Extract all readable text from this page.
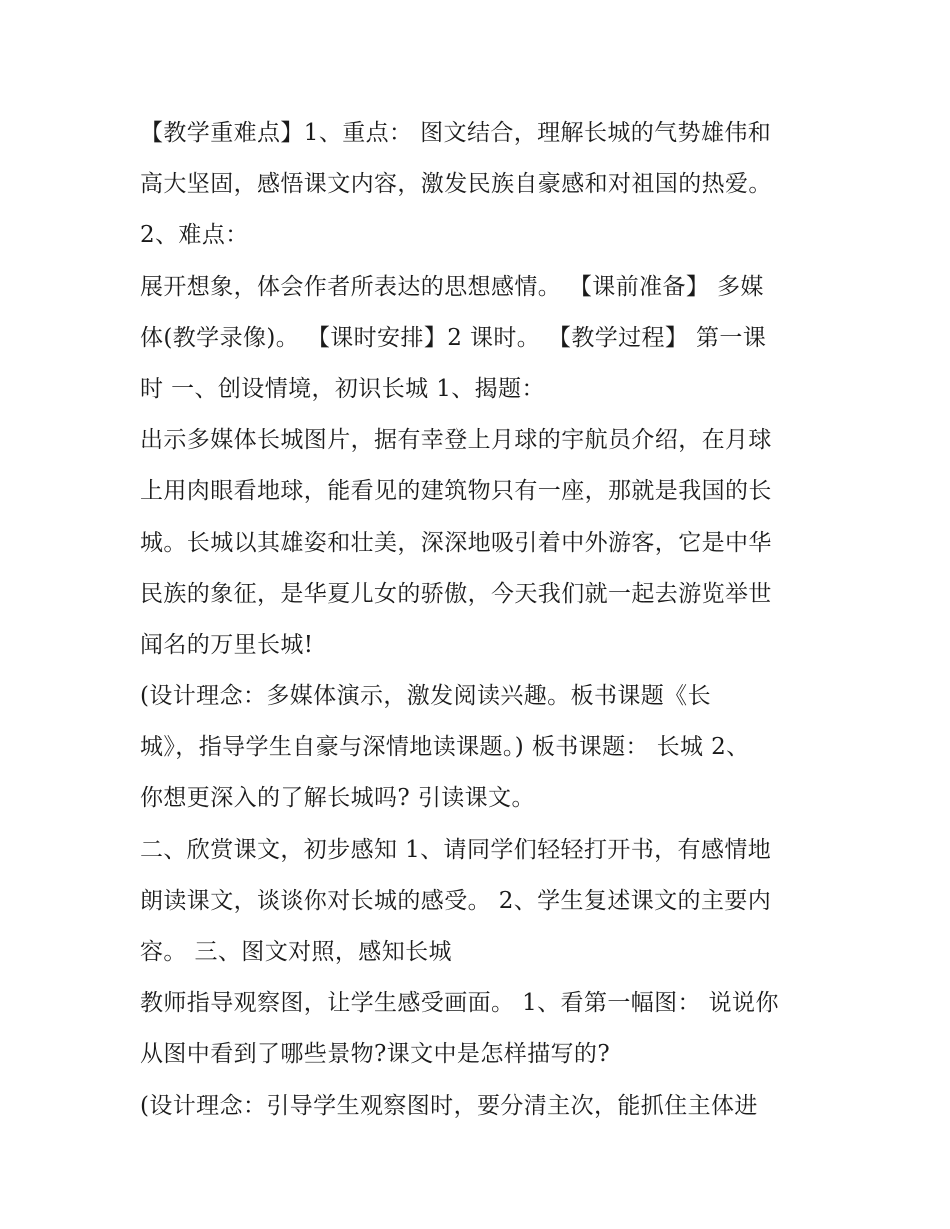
【教学重难点】1、重点： 图文结合，理解长城的气势雄伟和
高大坚固，感悟课文内容，激发民族自豪感和对祖国的热爱。
2、难点：
展开想象，体会作者所表达的思想感情。 【课前准备】 多媒
体(教学录像)。 【课时安排】2 课时。 【教学过程】 第一课
时 一、创设情境，初识长城 1、揭题：
出示多媒体长城图片，据有幸登上月球的宇航员介绍，在月球
上用肉眼看地球，能看见的建筑物只有一座，那就是我国的长
城。长城以其雄姿和壮美，深深地吸引着中外游客，它是中华
民族的象征，是华夏儿女的骄傲，今天我们就一起去游览举世
闻名的万里长城!
(设计理念：多媒体演示，激发阅读兴趣。板书课题《长
城》，指导学生自豪与深情地读课题。) 板书课题： 长城 2、
你想更深入的了解长城吗? 引读课文。
二、欣赏课文，初步感知 1、请同学们轻轻打开书，有感情地
朗读课文，谈谈你对长城的感受。 2、学生复述课文的主要内
容。 三、图文对照，感知长城
教师指导观察图，让学生感受画面。 1、看第一幅图： 说说你
从图中看到了哪些景物?课文中是怎样描写的?
(设计理念：引导学生观察图时，要分清主次，能抓住主体进
